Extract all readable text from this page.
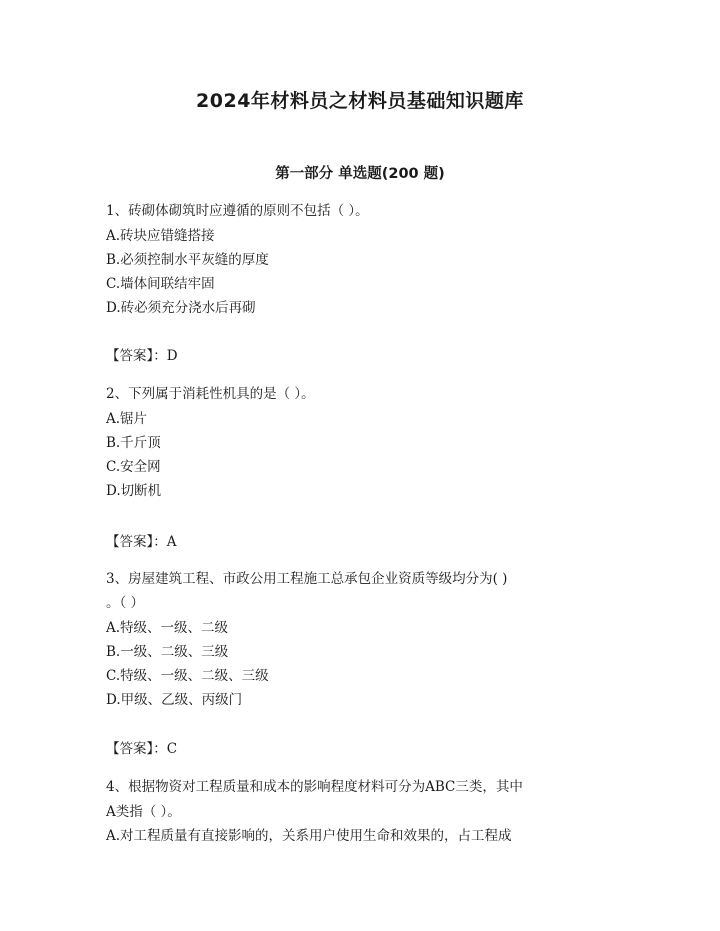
2024年材料员之材料员基础知识题库
第一部分 单选题(200 题)
1、砖砌体砌筑时应遵循的原则不包括（ ）。
A.砖块应错缝搭接
B.必须控制水平灰缝的厚度
C.墙体间联结牢固
D.砖必须充分浇水后再砌
【答案】：D
2、下列属于消耗性机具的是（ ）。
A.锯片
B.千斤顶
C.安全网
D.切断机
【答案】：A
3、房屋建筑工程、市政公用工程施工总承包企业资质等级均分为( )
。（ ）
A.特级、一级、二级
B.一级、二级、三级
C.特级、一级、二级、三级
D.甲级、乙级、丙级门
【答案】：C
4、根据物资对工程质量和成本的影响程度材料可分为ABC三类，其中
A类指（ ）。
A.对工程质量有直接影响的，关系用户使用生命和效果的，占工程成
